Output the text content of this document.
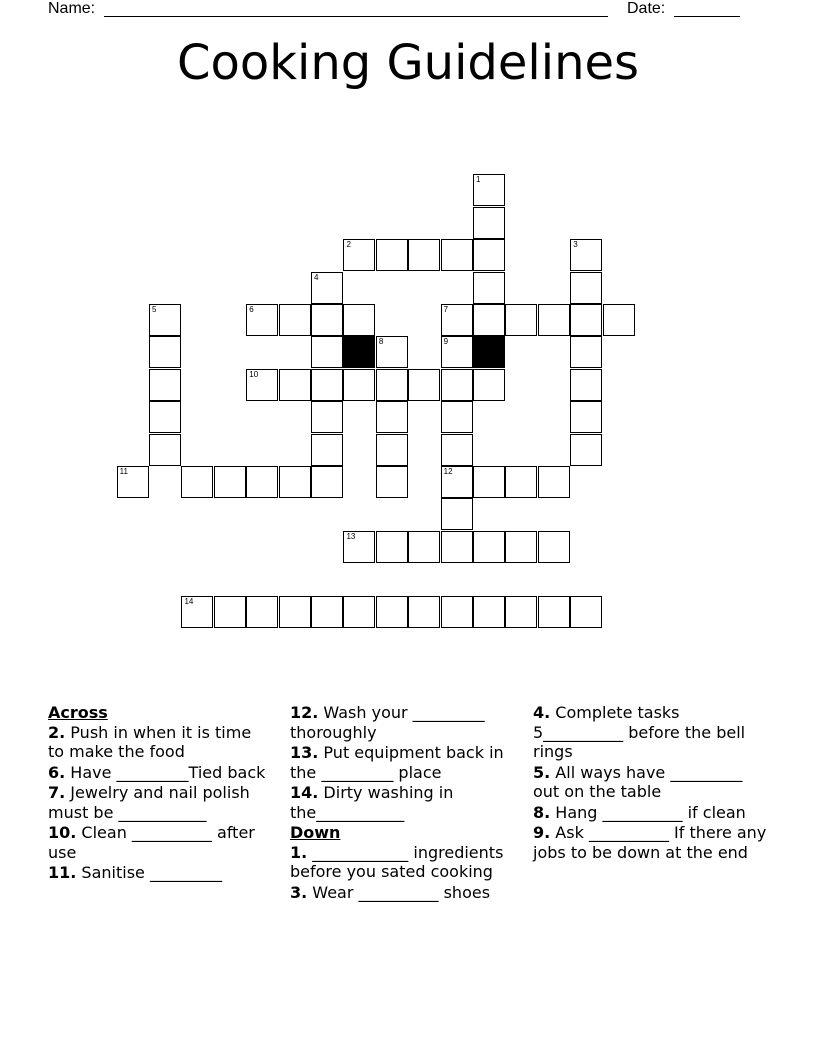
Name:	Date:
Cooking Guidelines
1
2	3
4
5	6	7
8	9
12
10
11
13
14
Across
2. Push in when it is time to make the food
6. Have _________Tied back
7. Jewelry and nail polish must be ___________
10. Clean __________ after use
11. Sanitise _________
12. Wash your _________ thoroughly
13. Put equipment back in the _________ place
14. Dirty washing in the___________
Down
1. ____________ ingredients before you sated cooking
3. Wear __________ shoes
4. Complete tasks 5__________ before the bell rings
5. All ways have _________ out on the table
8. Hang __________ if clean
9. Ask __________ If there any jobs to be down at the end
